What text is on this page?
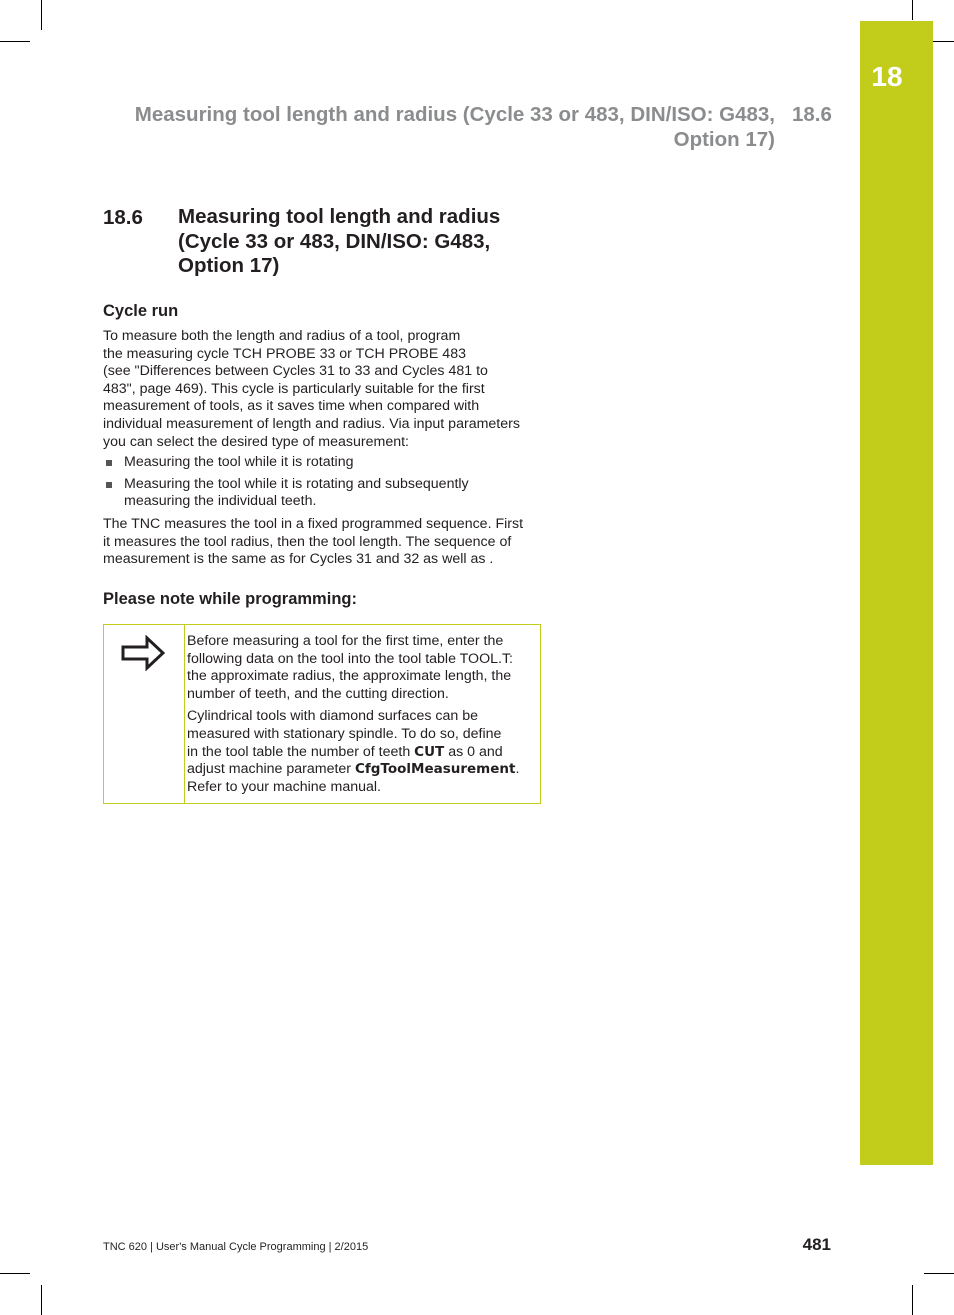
18
Measuring tool length and radius (Cycle 33 or 483, DIN/ISO: G483,
Option 17)
18.6
18.6 Measuring tool length and radius
(Cycle 33 or 483, DIN/ISO: G483,
Option 17)
Cycle run
To measure both the length and radius of a tool, program
the measuring cycle TCH PROBE 33 or TCH PROBE 483
(see "Differences between Cycles 31 to 33 and Cycles 481 to
483", page 469). This cycle is particularly suitable for the first
measurement of tools, as it saves time when compared with
individual measurement of length and radius. Via input parameters
you can select the desired type of measurement:
Measuring the tool while it is rotating
Measuring the tool while it is rotating and subsequently
measuring the individual teeth.
The TNC measures the tool in a fixed programmed sequence. First
it measures the tool radius, then the tool length. The sequence of
measurement is the same as for Cycles 31 and 32 as well as .
Please note while programming:

Before measuring a tool for the first time, enter the
following data on the tool into the tool table TOOL.T:
the approximate radius, the approximate length, the
number of teeth, and the cutting direction.

Cylindrical tools with diamond surfaces can be
measured with stationary spindle. To do so, define
in the tool table the number of teeth CUT as 0 and
adjust machine parameter CfgToolMeasurement.
Refer to your machine manual.

TNC 620 | User's Manual Cycle Programming | 2/2015	481
